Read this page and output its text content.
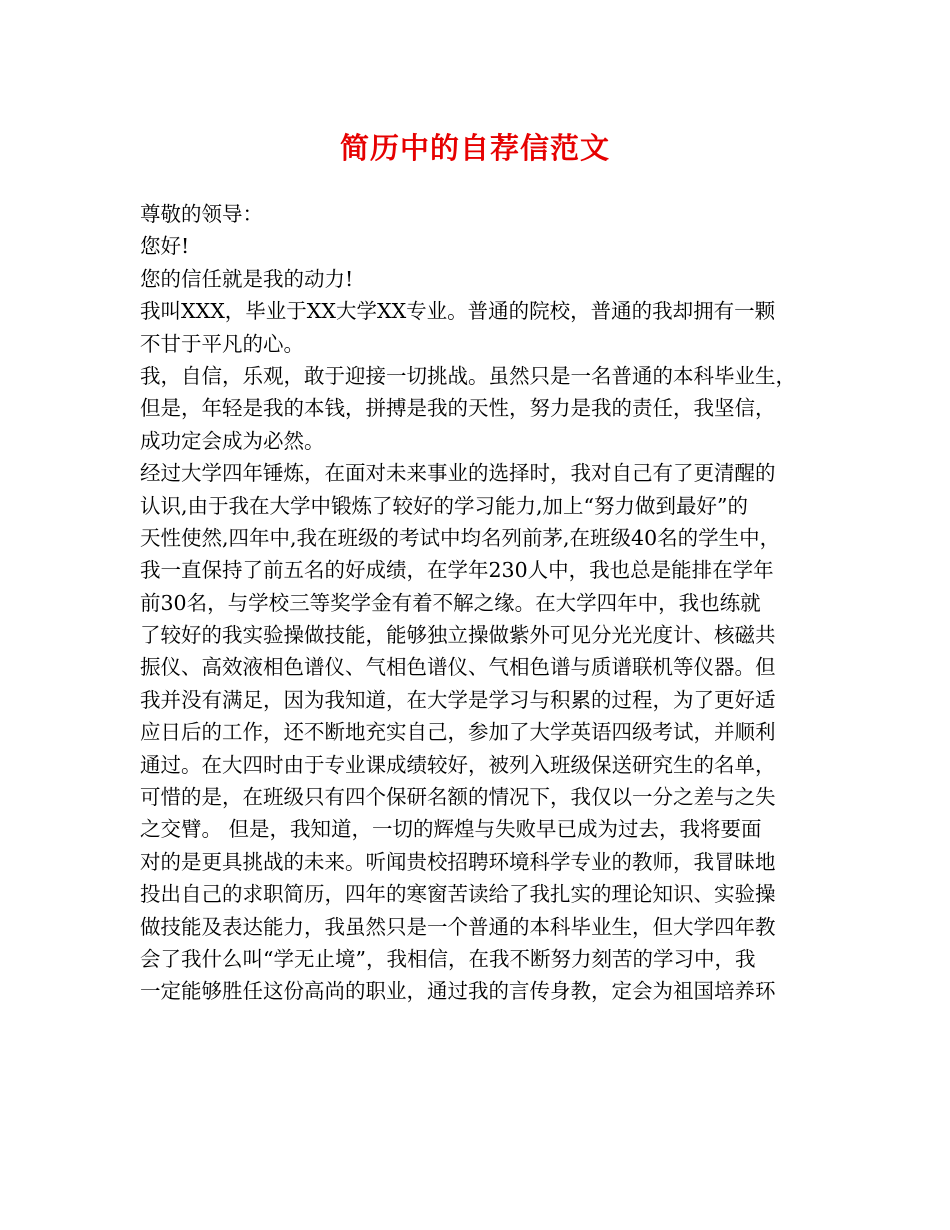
简历中的自荐信范文
尊敬的领导：
您好!
您的信任就是我的动力!
我叫XXX，毕业于XX大学XX专业。普通的院校，普通的我却拥有一颗
不甘于平凡的心。
我，自信，乐观，敢于迎接一切挑战。虽然只是一名普通的本科毕业生，
但是，年轻是我的本钱，拼搏是我的天性，努力是我的责任，我坚信，
成功定会成为必然。
经过大学四年锤炼，在面对未来事业的选择时，我对自己有了更清醒的
认识,由于我在大学中锻炼了较好的学习能力,加上“努力做到最好”的
天性使然,四年中,我在班级的考试中均名列前茅,在班级40名的学生中，
我一直保持了前五名的好成绩，在学年230人中，我也总是能排在学年
前30名，与学校三等奖学金有着不解之缘。在大学四年中，我也练就
了较好的我实验操做技能，能够独立操做紫外可见分光光度计、核磁共
振仪、高效液相色谱仪、气相色谱仪、气相色谱与质谱联机等仪器。但
我并没有满足，因为我知道，在大学是学习与积累的过程，为了更好适
应日后的工作，还不断地充实自己，参加了大学英语四级考试，并顺利
通过。在大四时由于专业课成绩较好，被列入班级保送研究生的名单，
可惜的是，在班级只有四个保研名额的情况下，我仅以一分之差与之失
之交臂。 但是，我知道，一切的辉煌与失败早已成为过去，我将要面
对的是更具挑战的未来。听闻贵校招聘环境科学专业的教师，我冒昧地
投出自己的求职简历，四年的寒窗苦读给了我扎实的理论知识、实验操
做技能及表达能力，我虽然只是一个普通的本科毕业生，但大学四年教
会了我什么叫“学无止境”，我相信，在我不断努力刻苦的学习中，我
一定能够胜任这份高尚的职业，通过我的言传身教，定会为祖国培养环
